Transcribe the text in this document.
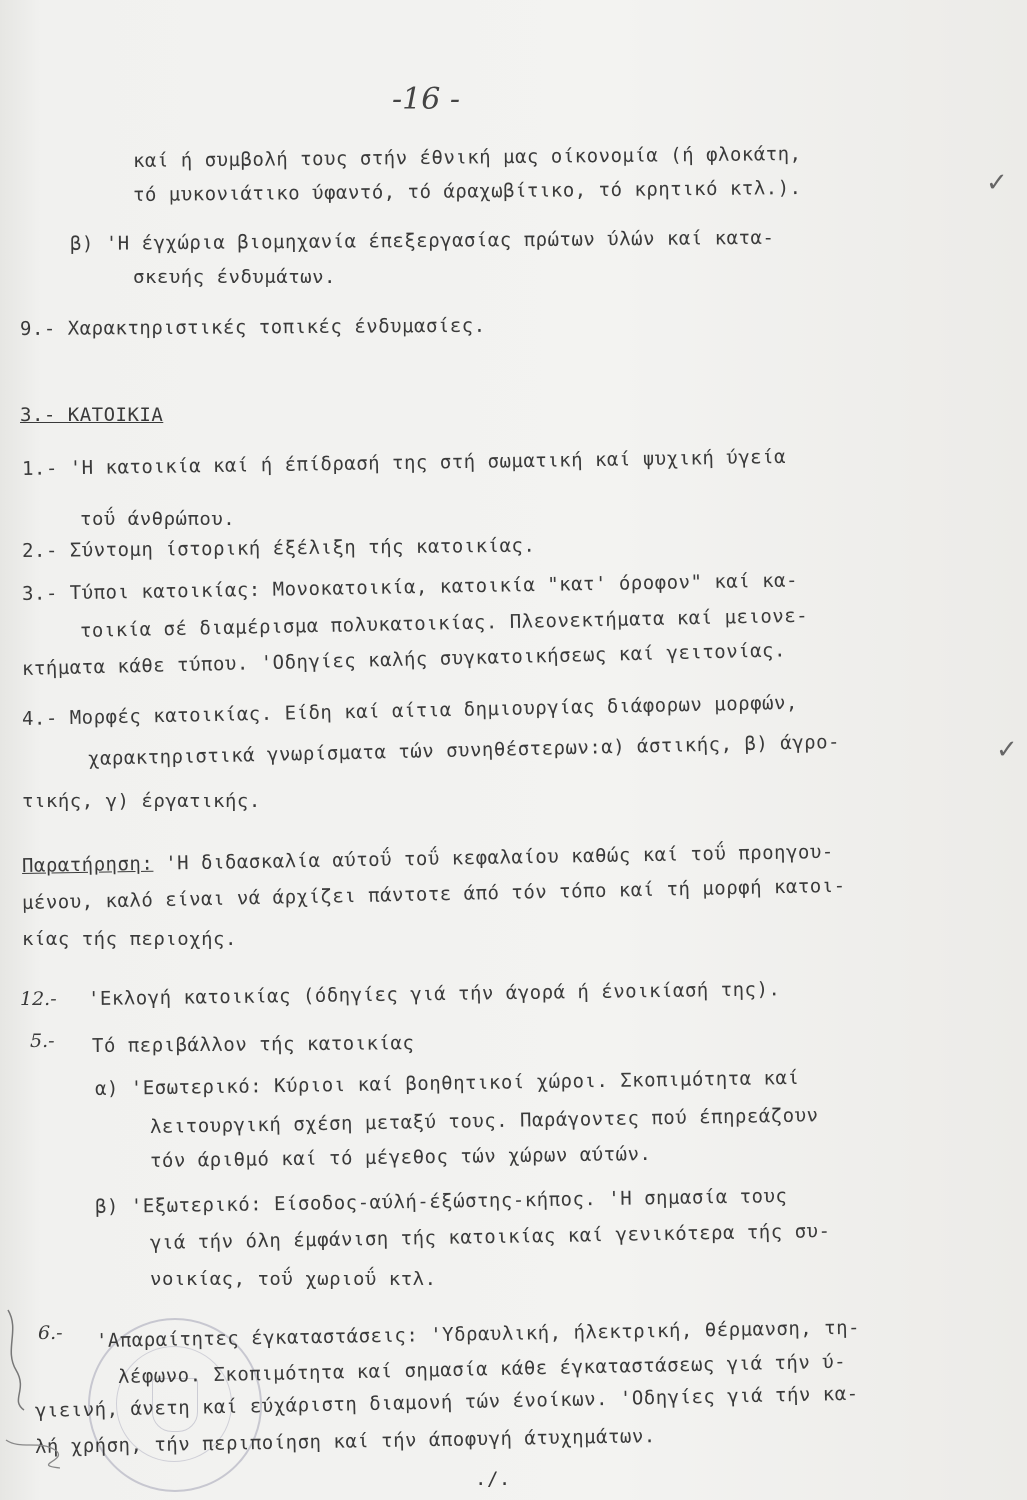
-16 -
καί ή συμβολή τους στήν έθνική μας οίκονομία (ή φλοκάτη,
τό μυκονιάτικο ύφαντό, τό άραχωβίτικο, τό κρητικό κτλ.).	✓
β) 'Η έγχώρια βιομηχανία έπεξεργασίας πρώτων ύλών καί κατα-
σκευής ένδυμάτων.
9.- Χαρακτηριστικές τοπικές ένδυμασίες.
3.- ΚΑΤΟΙΚΙΑ
1.- 'Η κατοικία καί ή έπίδρασή της στή σωματική καί ψυχική ύγεία
τοΰ άνθρώπου.
2.- Σύντομη ίστορική έξέλιξη τής κατοικίας.
3.- Τύποι κατοικίας: Μονοκατοικία, κατοικία "κατ' όροφον" καί κα-
τοικία σέ διαμέρισμα πολυκατοικίας. Πλεονεκτήματα καί μειονε-
κτήματα κάθε τύπου. 'Οδηγίες καλής συγκατοικήσεως καί γειτονίας.
4.- Μορφές κατοικίας. Είδη καί αίτια δημιουργίας διάφορων μορφών,
χαρακτηριστικά γνωρίσματα τών συνηθέστερων:α) άστικής, β) άγρο-	✓
τικής, γ) έργατικής.
Παρατήρηση: 'Η διδασκαλία αύτοΰ τοΰ κεφαλαίου καθώς καί τοΰ προηγου-
μένου, καλό είναι νά άρχίζει πάντοτε άπό τόν τόπο καί τή μορφή κατοι-
κίας τής περιοχής.
12.- 'Εκλογή κατοικίας (όδηγίες γιά τήν άγορά ή ένοικίασή της).
5.- Τό περιβάλλον τής κατοικίας
α) 'Εσωτερικό: Κύριοι καί βοηθητικοί χώροι. Σκοπιμότητα καί
λειτουργική σχέση μεταξύ τους. Παράγοντες πού έπηρεάζουν
τόν άριθμό καί τό μέγεθος τών χώρων αύτών.
β) 'Εξωτερικό: Είσοδος-αύλή-έξώστης-κήπος. 'Η σημασία τους
γιά τήν όλη έμφάνιση τής κατοικίας καί γενικότερα τής συ-
νοικίας, τοΰ χωριοΰ κτλ.
6.- 'Απαραίτητες έγκαταστάσεις: 'Υδραυλική, ήλεκτρική, θέρμανση, τη-
λέφωνο. Σκοπιμότητα καί σημασία κάθε έγκαταστάσεως γιά τήν ύ-
γιεινή, άνετη καί εύχάριστη διαμονή τών ένοίκων. 'Οδηγίες γιά τήν κα-
λή χρήση, τήν περιποίηση καί τήν άποφυγή άτυχημάτων.
./.
